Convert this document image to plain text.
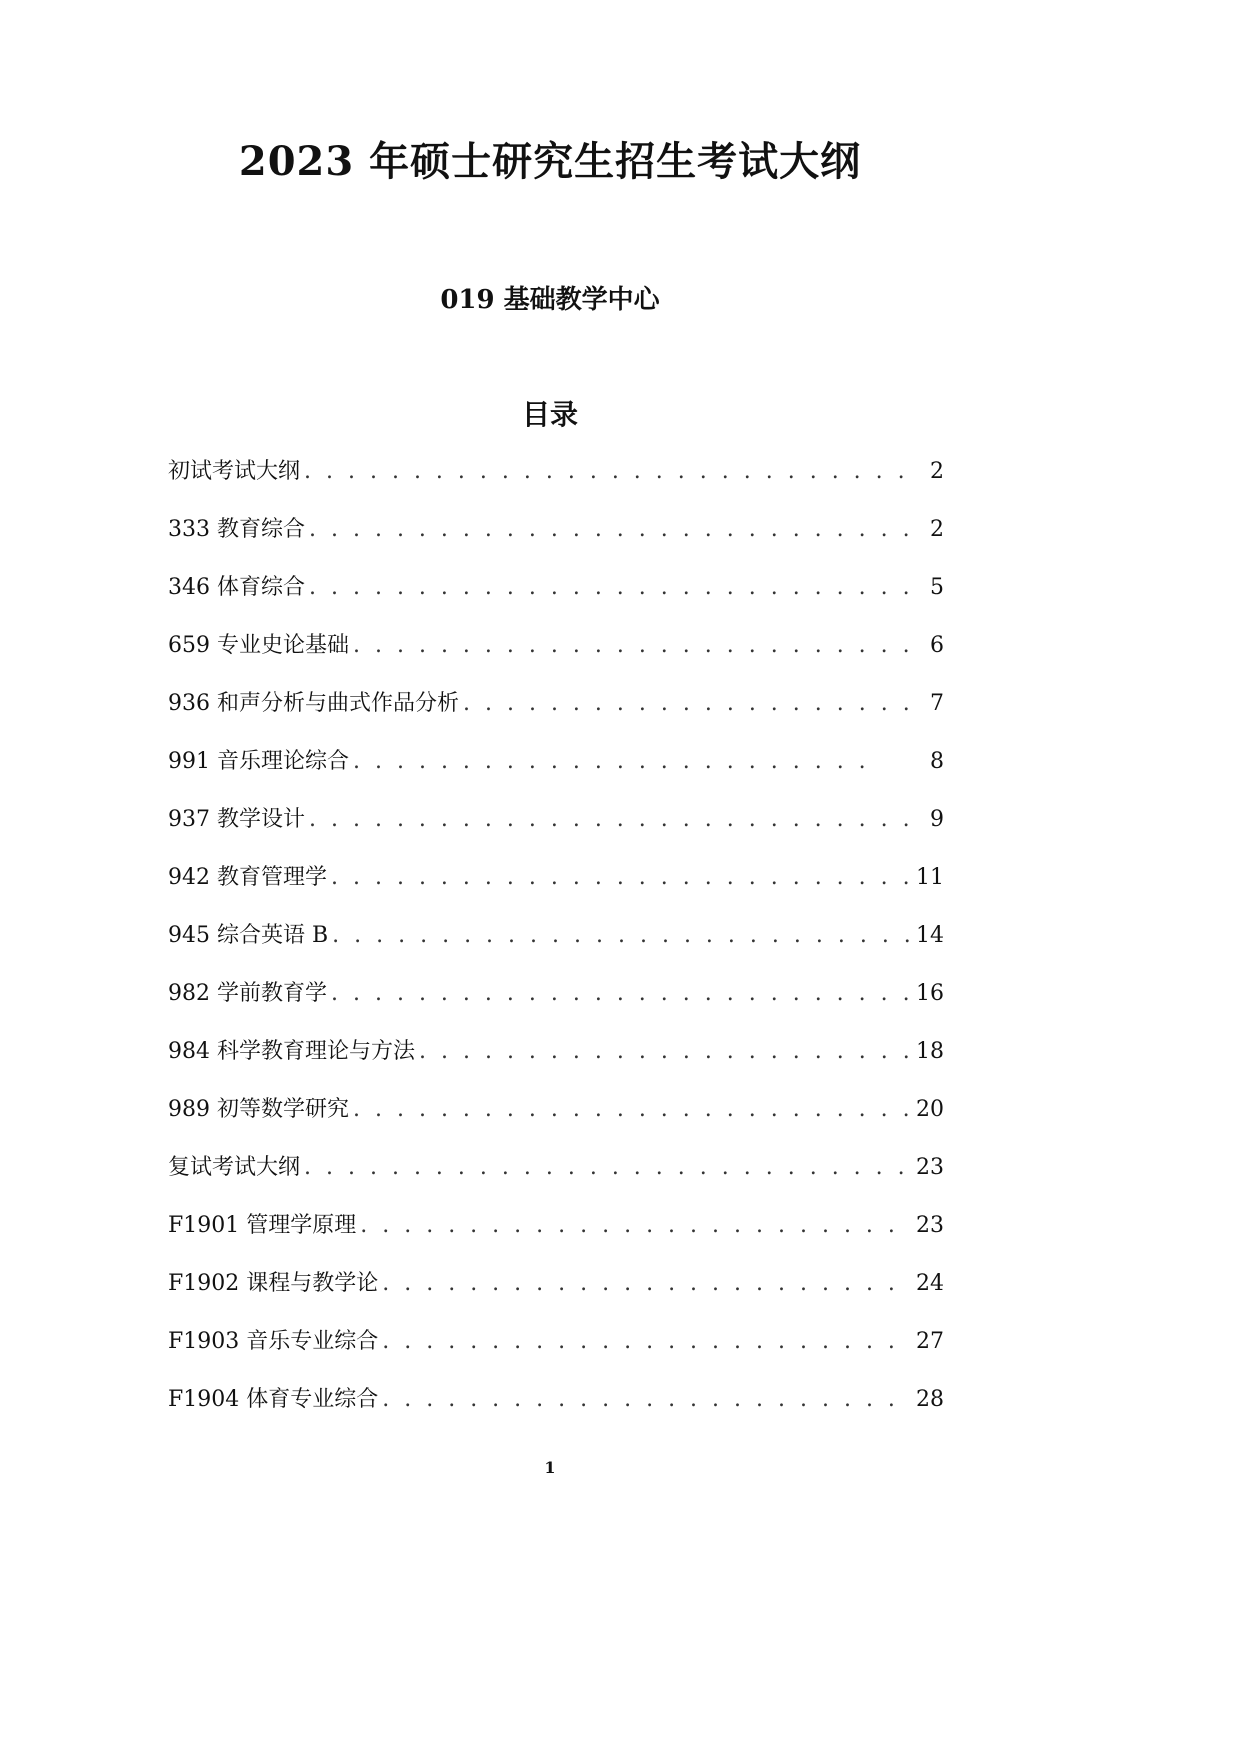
2023 年硕士研究生招生考试大纲
019 基础教学中心
目录
初试考试大纲 . . .	2
333 教育综合 . . .	2
346 体育综合 . . .	5
659 专业史论基础 . . .	6
936 和声分析与曲式作品分析 . . .	7
991 音乐理论综合 . . .	8
937 教学设计 . . .	9
942 教育管理学 . . .	11
945 综合英语 B . . .	14
982 学前教育学 . . .	16
984 科学教育理论与方法 . . .	18
989 初等数学研究 . . .	20
复试考试大纲 . . .	23
F1901 管理学原理 . . .	23
F1902 课程与教学论 . . .	24
F1903 音乐专业综合 . . .	27
F1904 体育专业综合 . . .	28
1
